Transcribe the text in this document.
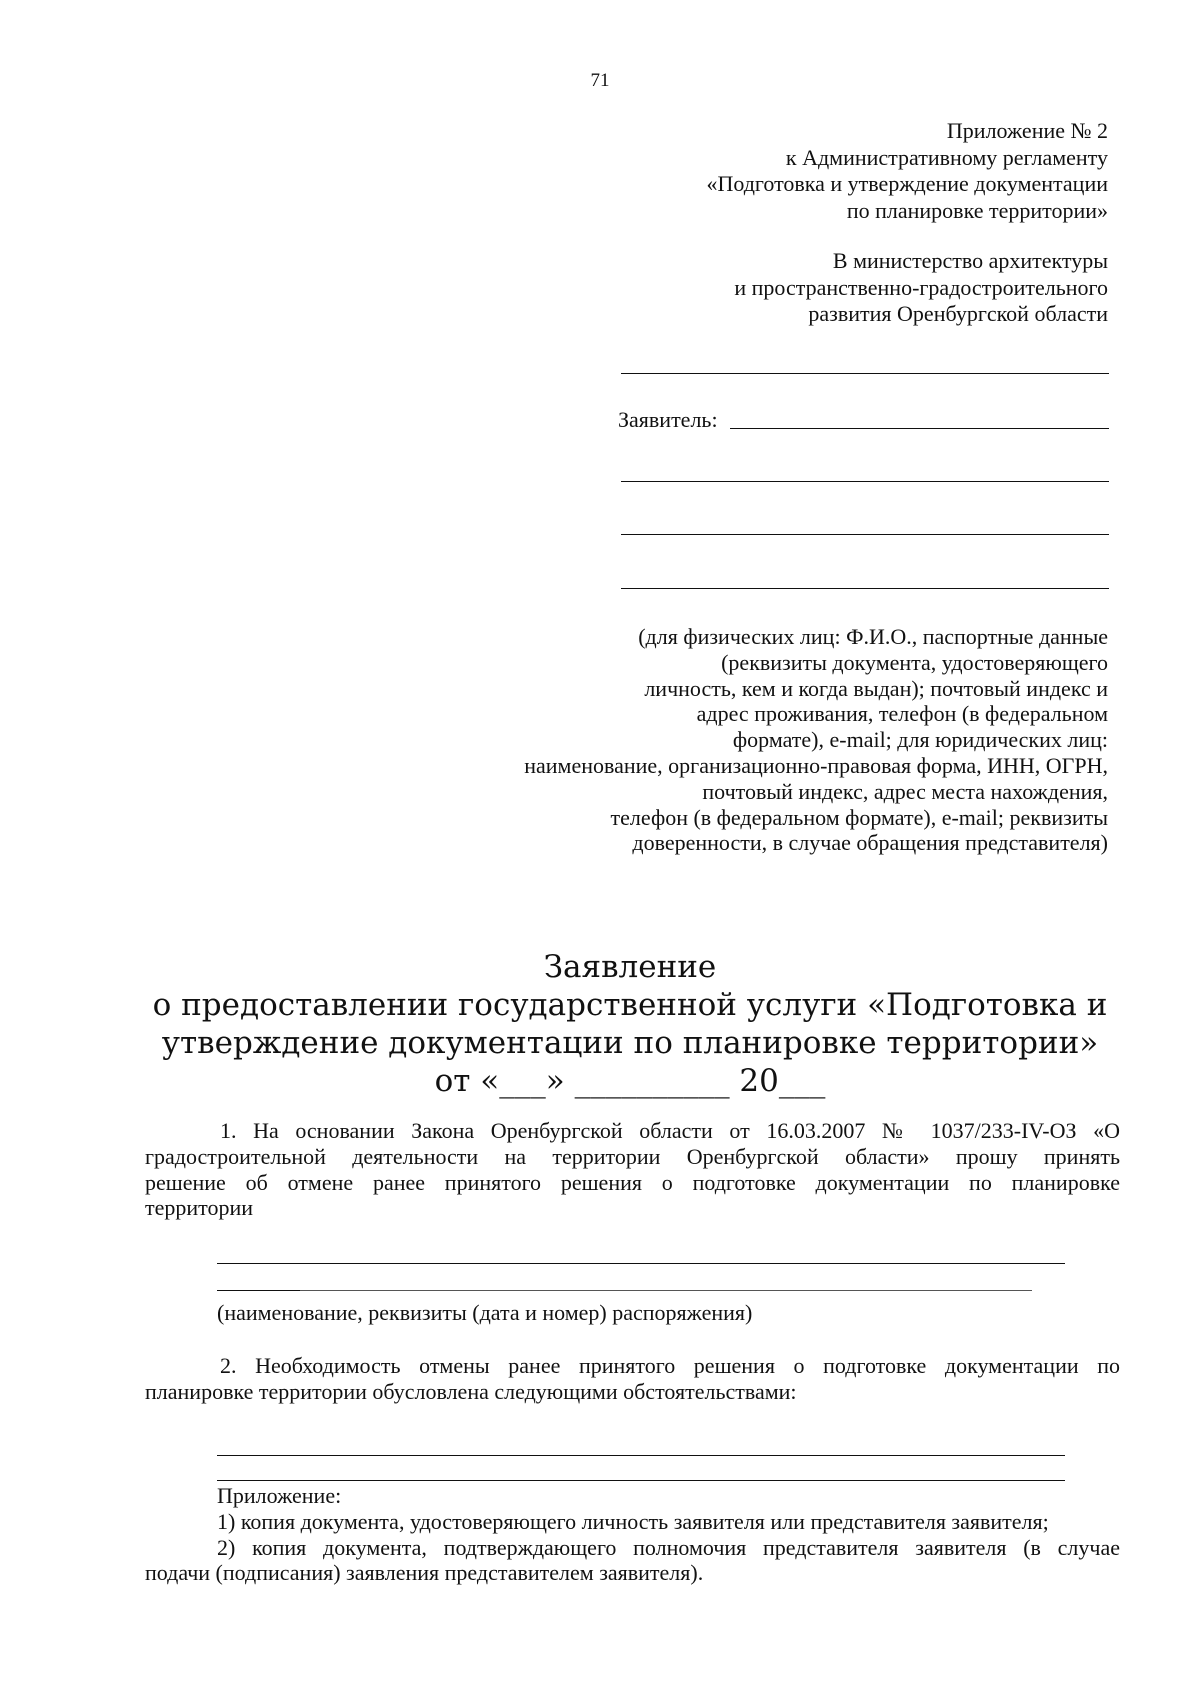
71
Приложение № 2
к Административному регламенту
«Подготовка и утверждение документации
по планировке территории»
В министерство архитектуры
и пространственно-градостроительного
развития Оренбургской области
Заявитель:
(для физических лиц: Ф.И.О., паспортные данные
(реквизиты документа, удостоверяющего
личность, кем и когда выдан); почтовый индекс и
адрес проживания, телефон (в федеральном
формате), e-mail; для юридических лиц:
наименование, организационно-правовая форма, ИНН, ОГРН,
почтовый индекс, адрес места нахождения,
телефон (в федеральном формате), e-mail; реквизиты
доверенности, в случае обращения представителя)
Заявление
о предоставлении государственной услуги «Подготовка и
утверждение документации по планировке территории»
от «___» __________ 20___
1. На основании Закона Оренбургской области от 16.03.2007 № 1037/233-IV-ОЗ «О
градостроительной деятельности на территории Оренбургской области» прошу принять
решение об отмене ранее принятого решения о подготовке документации по планировке
территории
(наименование, реквизиты (дата и номер) распоряжения)
2. Необходимость отмены ранее принятого решения о подготовке документации по
планировке территории обусловлена следующими обстоятельствами:
Приложение:
1) копия документа, удостоверяющего личность заявителя или представителя заявителя;
2) копия документа, подтверждающего полномочия представителя заявителя (в случае
подачи (подписания) заявления представителем заявителя).
